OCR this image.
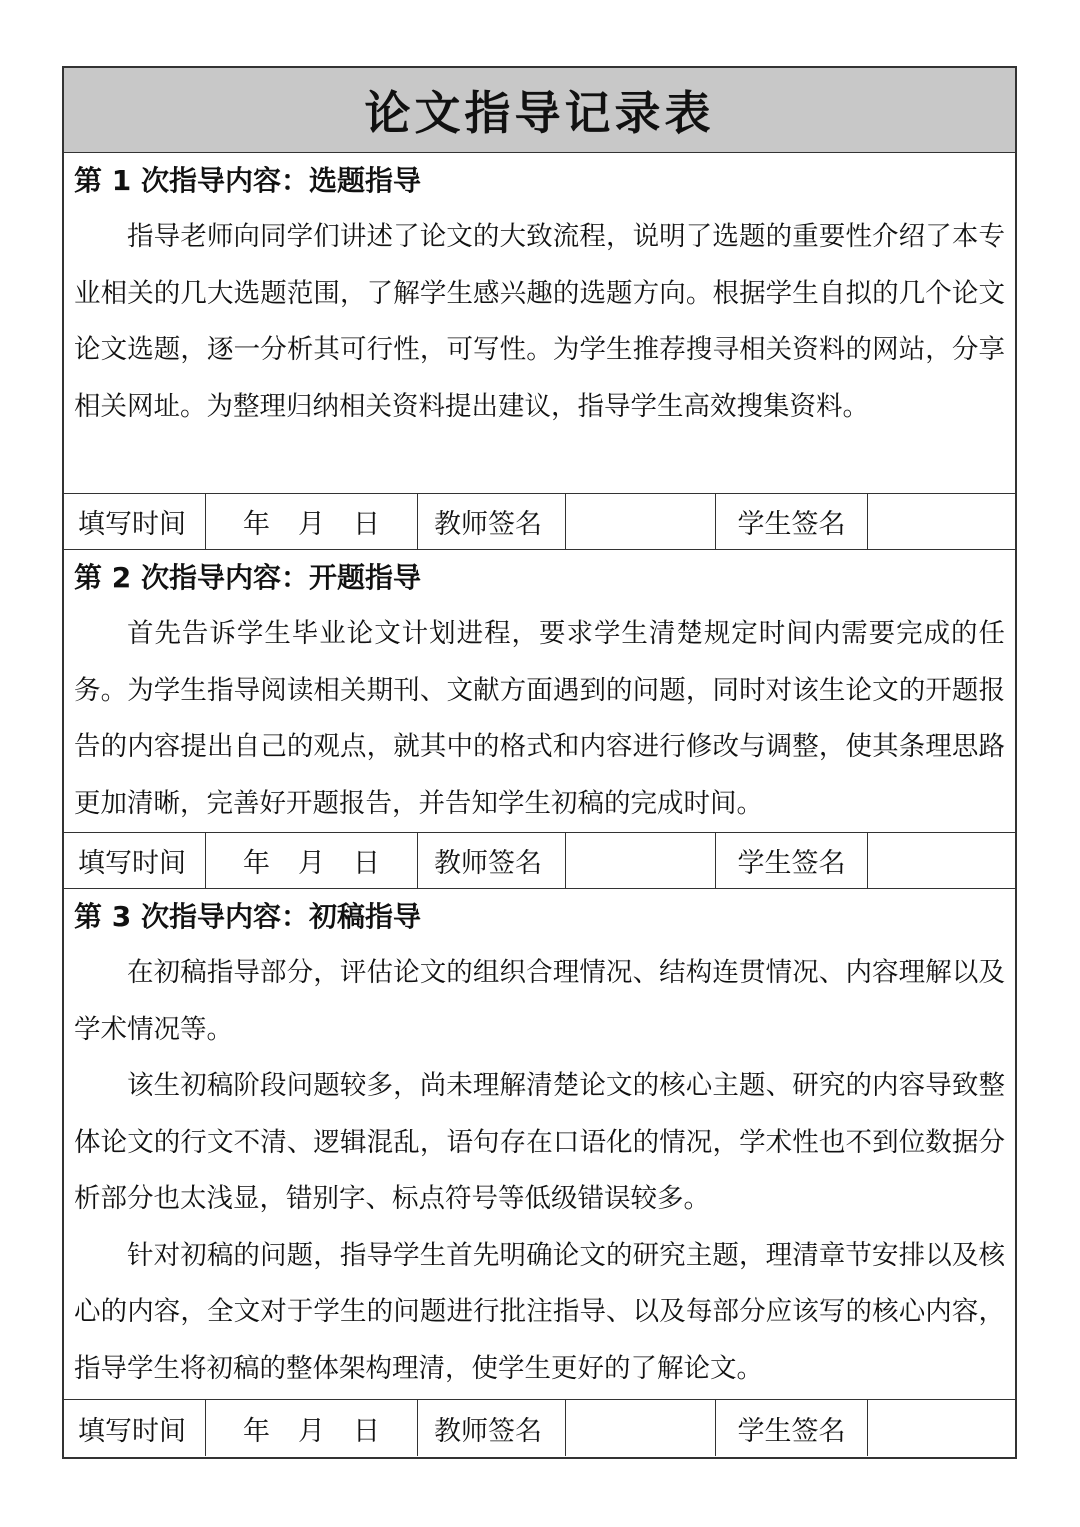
论文指导记录表
第 1 次指导内容：选题指导

指导老师向同学们讲述了论文的大致流程，说明了选题的重要性介绍了本专业相关的几大选题范围，了解学生感兴趣的选题方向。根据学生自拟的几个论文论文选题，逐一分析其可行性，可写性。为学生推荐搜寻相关资料的网站，分享相关网址。为整理归纳相关资料提出建议，指导学生高效搜集资料。

填写时间	年 月 日	教师签名	学生签名
第 2 次指导内容：开题指导

首先告诉学生毕业论文计划进程，要求学生清楚规定时间内需要完成的任务。为学生指导阅读相关期刊、文献方面遇到的问题，同时对该生论文的开题报告的内容提出自己的观点，就其中的格式和内容进行修改与调整，使其条理思路更加清晰，完善好开题报告，并告知学生初稿的完成时间。

填写时间	年 月 日	教师签名	学生签名
第 3 次指导内容：初稿指导

在初稿指导部分，评估论文的组织合理情况、结构连贯情况、内容理解以及学术情况等。

该生初稿阶段问题较多，尚未理解清楚论文的核心主题、研究的内容导致整体论文的行文不清、逻辑混乱，语句存在口语化的情况，学术性也不到位数据分析部分也太浅显，错别字、标点符号等低级错误较多。

针对初稿的问题，指导学生首先明确论文的研究主题，理清章节安排以及核心的内容，全文对于学生的问题进行批注指导、以及每部分应该写的核心内容，指导学生将初稿的整体架构理清，使学生更好的了解论文。

填写时间	年 月 日	教师签名	学生签名
